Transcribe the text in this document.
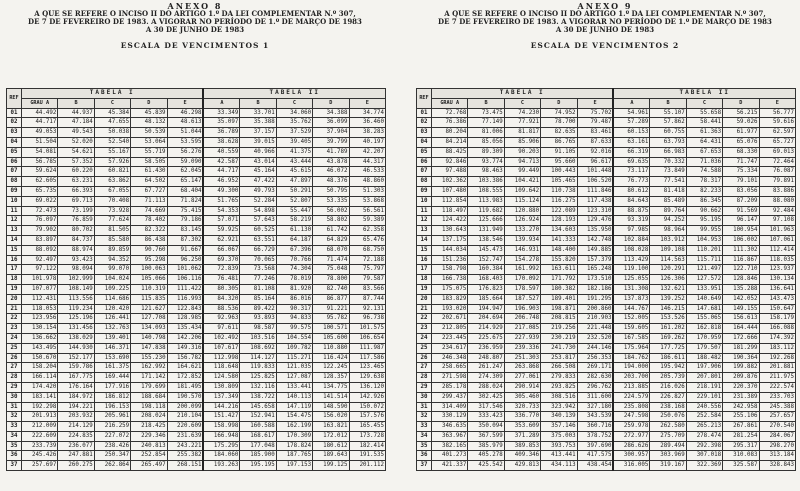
ANEXO 8
A QUE SE REFERE O INCISO II DO ARTIGO 1.º DA LEI COMPLEMENTAR N.º 307,
DE 7 DE FEVEREIRO DE 1983. A VIGORAR NO PERÍODO DE 1.º DE MARÇO DE 1983
A 30 DE JUNHO DE 1983
ESCALA DE VENCIMENTOS 1
REF	TABELA I					TABELA II				
	GRAU A	B	C	D	E	A	B	C	D	E
01	44.492	44.937	45.384	45.839	46.298	33.349	33.701	34.060	34.388	34.774
02	44.717	47.184	47.655	48.132	48.613	35.097	35.388	35.762	36.099	36.460
03	49.053	49.543	50.038	50.539	51.044	36.789	37.157	37.529	37.904	38.283
04	51.504	52.020	52.540	53.064	53.595	38.628	39.015	39.405	39.799	40.197
05	54.081	54.621	55.167	55.719	56.276	40.559	40.966	41.375	41.789	42.207
06	56.785	57.352	57.926	58.505	59.090	42.587	43.014	43.444	43.878	44.317
07	59.624	60.220	60.821	61.430	62.045	44.717	45.164	45.615	46.072	46.533
08	62.605	63.231	63.862	64.502	65.147	46.952	47.422	47.897	48.376	48.860
09	65.735	66.393	67.055	67.727	68.404	49.300	49.793	50.291	50.795	51.303
10	69.022	69.713	70.408	71.113	71.824	51.765	52.284	52.807	53.335	53.868
11	72.473	73.199	73.928	74.669	75.415	54.353	54.898	55.447	56.002	56.561
12	76.097	76.859	77.624	78.402	79.186	57.071	57.643	58.219	58.802	59.389
13	79.902	80.702	81.505	82.322	83.145	59.925	60.525	61.130	61.742	62.358
14	83.897	84.737	85.580	86.438	87.302	62.921	63.551	64.187	64.829	65.476
15	88.092	88.974	89.859	90.760	91.667	66.067	66.729	67.396	68.070	68.750
16	92.497	93.423	94.352	95.298	96.250	69.370	70.065	70.766	71.474	72.188
17	97.122	98.094	99.070	100.063	101.062	72.839	73.568	74.304	75.048	75.797
18	101.978	102.999	104.024	105.066	106.116	76.481	77.246	78.019	78.800	79.587
19	107.077	108.149	109.225	110.319	111.422	80.305	81.108	81.920	82.740	83.566
20	112.431	113.556	114.686	115.835	116.993	84.320	85.164	86.016	86.877	87.744
21	118.053	119.234	120.420	121.627	122.843	88.536	89.422	90.317	91.221	92.131
22	123.956	125.196	126.441	127.708	128.985	92.963	93.893	94.833	95.782	96.738
23	130.154	131.456	132.763	134.093	135.434	97.611	98.587	99.575	100.571	101.575
24	136.662	138.029	139.401	140.798	142.206	102.492	103.516	104.554	105.600	106.654
25	143.495	144.930	146.371	147.838	149.316	107.617	108.692	109.782	110.880	111.987
26	150.670	152.177	153.690	155.230	156.782	112.998	114.127	115.271	116.424	117.586
27	158.204	159.786	161.375	162.992	164.621	118.648	119.833	121.035	122.245	123.465
28	166.114	167.775	169.444	171.142	172.852	124.580	125.825	127.087	128.357	129.638
29	174.420	176.164	177.916	179.699	181.495	130.809	132.116	133.441	134.775	136.120
30	183.141	184.972	186.812	188.684	190.570	137.349	138.722	140.113	141.514	142.926
31	192.298	194.221	196.153	198.118	200.099	144.216	145.658	147.119	148.590	150.072
32	201.913	203.932	205.961	208.024	210.104	151.427	152.941	154.475	156.020	157.576
33	212.009	214.129	216.259	218.425	220.609	158.998	160.588	162.199	163.821	165.455
34	222.609	224.835	227.072	229.346	231.639	166.948	168.617	170.309	172.012	173.728
35	233.739	236.077	238.426	240.813	243.221	175.295	177.048	178.824	180.612	182.414
36	245.426	247.881	250.347	252.854	255.382	184.060	185.900	187.765	189.643	191.535
37	257.697	260.275	262.864	265.497	268.151	193.263	195.195	197.153	199.125	201.112
ANEXO 9
A QUE SE REFERE O INCISO II DO ARTIGO 1.º DA LEI COMPLEMENTAR N.º 307,
DE 7 DE FEVEREIRO DE 1983. A VIGORAR NO PERÍODO DE 1.º DE MARÇO DE 1983
A 30 DE JUNHO DE 1983
ESCALA DE VENCIMENTOS 2
REF	TABELA I					TABELA II				
	GRAU A	B	C	D	E	A	B	C	D	E
01	72.768	73.475	74.230	74.952	75.702	54.961	55.107	55.658	56.215	56.777
02	76.386	77.149	77.921	78.700	79.487	57.289	57.862	58.441	59.026	59.616
03	80.204	81.006	81.817	82.635	83.461	60.153	60.755	61.363	61.977	62.597
04	84.214	85.056	85.906	86.765	87.633	63.161	63.793	64.431	65.076	65.727
05	88.425	89.309	90.203	91.105	92.016	66.319	66.983	67.653	68.330	69.013
06	92.846	93.774	94.713	95.660	96.617	69.635	70.332	71.036	71.747	72.464
07	97.488	98.463	99.449	100.443	101.448	73.117	73.849	74.588	75.334	76.087
08	102.362	103.386	104.421	105.465	106.520	76.773	77.541	78.317	79.101	79.891
09	107.480	108.555	109.642	110.738	111.846	80.612	81.418	82.233	83.056	83.886
10	112.854	113.983	115.124	116.275	117.438	84.643	85.489	86.345	87.209	88.080
11	118.497	119.682	120.880	122.089	123.310	88.875	89.764	90.662	91.569	92.484
12	124.422	125.666	126.924	128.193	129.476	93.319	94.252	95.195	96.147	97.108
13	130.643	131.949	133.270	134.603	135.950	97.985	98.964	99.955	100.954	101.963
14	137.175	138.546	139.934	141.333	142.748	102.884	103.912	104.953	106.002	107.061
15	144.034	145.473	146.931	148.400	149.885	108.028	109.108	110.201	111.302	112.414
16	151.236	152.747	154.278	155.820	157.379	113.429	114.563	115.711	116.867	118.035
17	158.798	160.384	161.992	163.611	165.248	119.100	120.291	121.497	122.710	123.937
18	166.738	168.403	170.092	171.792	173.510	125.055	126.306	127.572	128.846	130.134
19	175.075	176.823	178.597	180.382	182.186	131.308	132.621	133.951	135.288	136.641
20	183.829	185.664	187.527	189.401	191.295	137.873	139.252	140.649	142.052	143.473
21	193.020	194.947	196.903	198.871	200.860	144.767	146.215	147.681	149.155	150.647
22	202.671	204.694	206.748	208.815	210.903	152.005	153.526	155.065	156.613	158.179
23	212.805	214.929	217.085	219.256	221.448	159.605	161.202	162.818	164.444	166.088
24	223.445	225.675	227.939	230.219	232.520	167.585	169.262	170.959	172.666	174.392
25	234.617	236.959	239.336	241.730	244.146	175.964	177.725	179.507	181.299	183.112
26	246.348	248.807	251.303	253.817	256.353	184.762	186.611	188.482	190.364	192.268
27	258.665	261.247	263.868	266.508	269.171	194.000	195.942	197.906	199.882	201.881
28	271.598	274.309	277.061	279.833	282.630	203.700	205.739	207.801	209.876	211.975
29	285.178	288.024	290.914	293.825	296.762	213.885	216.026	218.191	220.370	222.574
30	299.437	302.425	305.460	308.516	311.600	224.579	226.827	229.101	231.389	233.703
31	314.409	317.546	320.733	323.942	327.180	235.808	238.168	240.556	242.958	245.388
32	330.129	333.423	336.770	340.139	343.539	247.598	250.076	252.584	255.106	257.657
33	346.635	350.094	353.609	357.146	360.716	259.978	262.580	265.213	267.861	270.540
34	363.967	367.599	371.289	375.003	378.752	272.977	275.709	278.474	281.254	284.067
35	382.165	385.979	389.853	393.753	397.690	286.626	289.494	292.398	295.317	298.270
36	401.273	405.278	409.346	413.441	417.575	300.957	303.969	307.018	310.083	313.184
37	421.337	425.542	429.813	434.113	438.454	316.005	319.167	322.369	325.587	328.843
